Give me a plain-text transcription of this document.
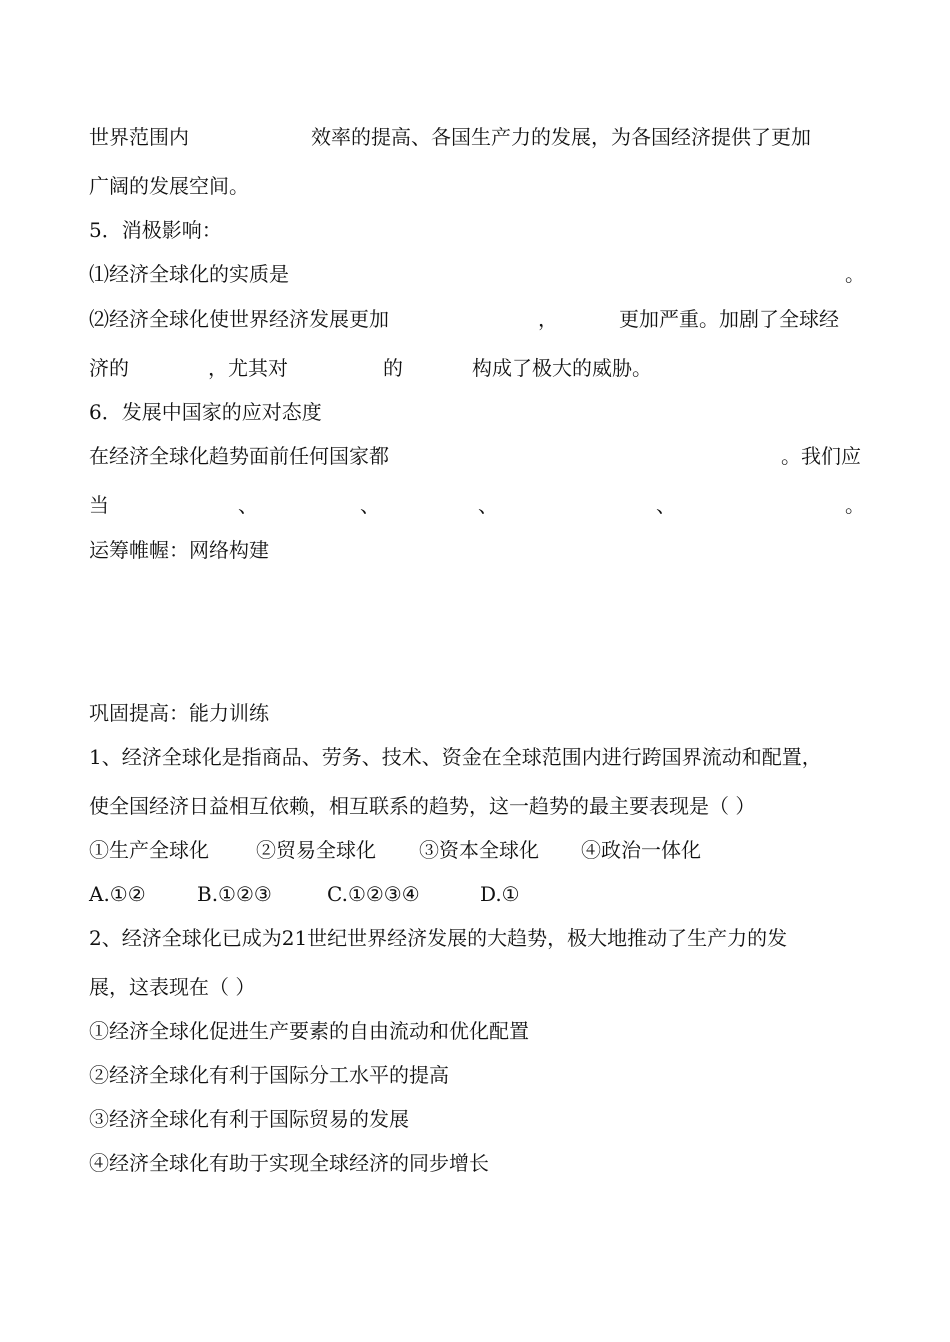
世界范围内	效率的提高、各国生产力的发展，为各国经济提供了更加
广阔的发展空间。
5．消极影响：
⑴经济全球化的实质是	。
⑵经济全球化使世界经济发展更加	，	更加严重。加剧了全球经
济的	，尤其对	的	构成了极大的威胁。
6．发展中国家的应对态度
在经济全球化趋势面前任何国家都	。我们应
当	、	、	、	、	。
运筹帷幄：网络构建
巩固提高：能力训练
1、经济全球化是指商品、劳务、技术、资金在全球范围内进行跨国界流动和配置，
使全国经济日益相互依赖，相互联系的趋势，这一趋势的最主要表现是（ ）
①生产全球化 ②贸易全球化 ③资本全球化 ④政治一体化
A.①②	B.①②③	C.①②③④	D.①
2、经济全球化已成为21世纪世界经济发展的大趋势，极大地推动了生产力的发
展，这表现在（ ）
①经济全球化促进生产要素的自由流动和优化配置
②经济全球化有利于国际分工水平的提高
③经济全球化有利于国际贸易的发展
④经济全球化有助于实现全球经济的同步增长
